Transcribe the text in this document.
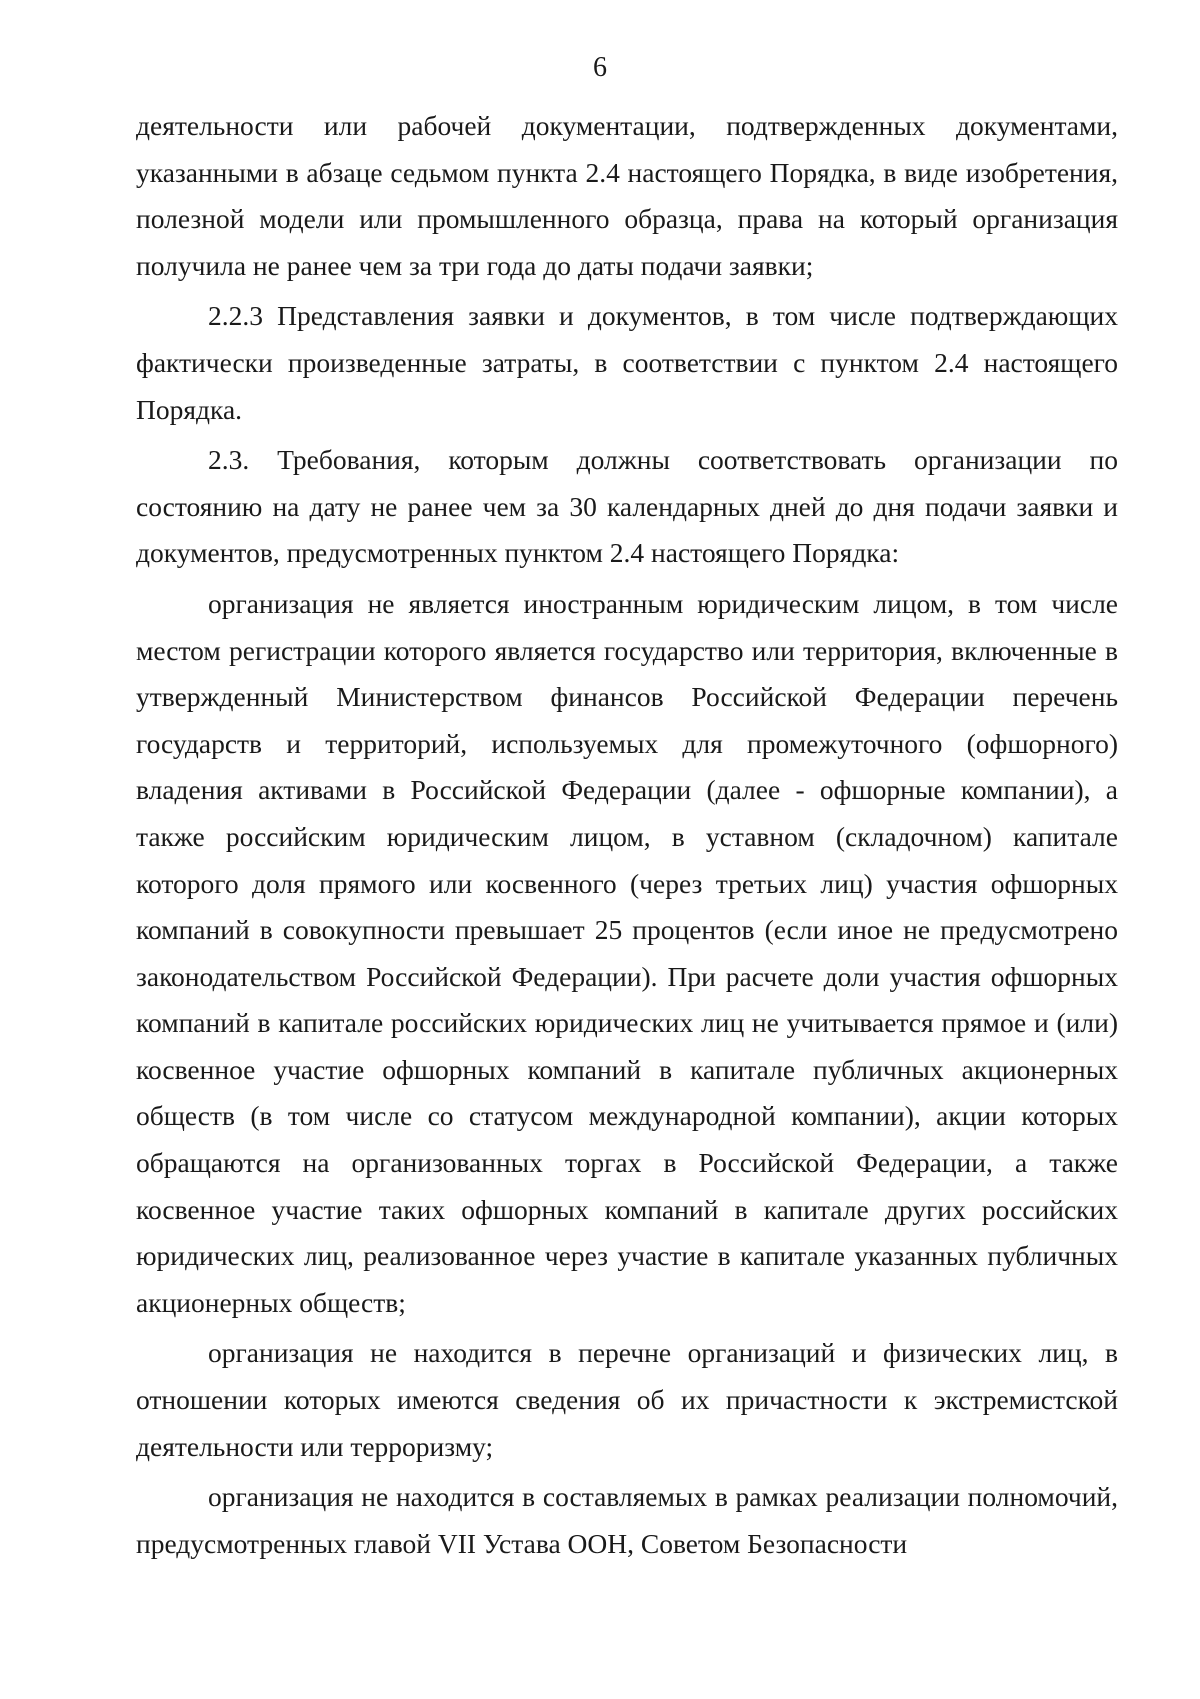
6

деятельности или рабочей документации, подтвержденных документами, указанными в абзаце седьмом пункта 2.4 настоящего Порядка, в виде изобретения, полезной модели или промышленного образца, права на который организация получила не ранее чем за три года до даты подачи заявки;

2.2.3 Представления заявки и документов, в том числе подтверждающих фактически произведенные затраты, в соответствии с пунктом 2.4 настоящего Порядка.

2.3. Требования, которым должны соответствовать организации по состоянию на дату не ранее чем за 30 календарных дней до дня подачи заявки и документов, предусмотренных пунктом 2.4 настоящего Порядка:

организация не является иностранным юридическим лицом, в том числе местом регистрации которого является государство или территория, включенные в утвержденный Министерством финансов Российской Федерации перечень государств и территорий, используемых для промежуточного (офшорного) владения активами в Российской Федерации (далее - офшорные компании), а также российским юридическим лицом, в уставном (складочном) капитале которого доля прямого или косвенного (через третьих лиц) участия офшорных компаний в совокупности превышает 25 процентов (если иное не предусмотрено законодательством Российской Федерации). При расчете доли участия офшорных компаний в капитале российских юридических лиц не учитывается прямое и (или) косвенное участие офшорных компаний в капитале публичных акционерных обществ (в том числе со статусом международной компании), акции которых обращаются на организованных торгах в Российской Федерации, а также косвенное участие таких офшорных компаний в капитале других российских юридических лиц, реализованное через участие в капитале указанных публичных акционерных обществ;

организация не находится в перечне организаций и физических лиц, в отношении которых имеются сведения об их причастности к экстремистской деятельности или терроризму;

организация не находится в составляемых в рамках реализации полномочий, предусмотренных главой VII Устава ООН, Советом Безопасности
